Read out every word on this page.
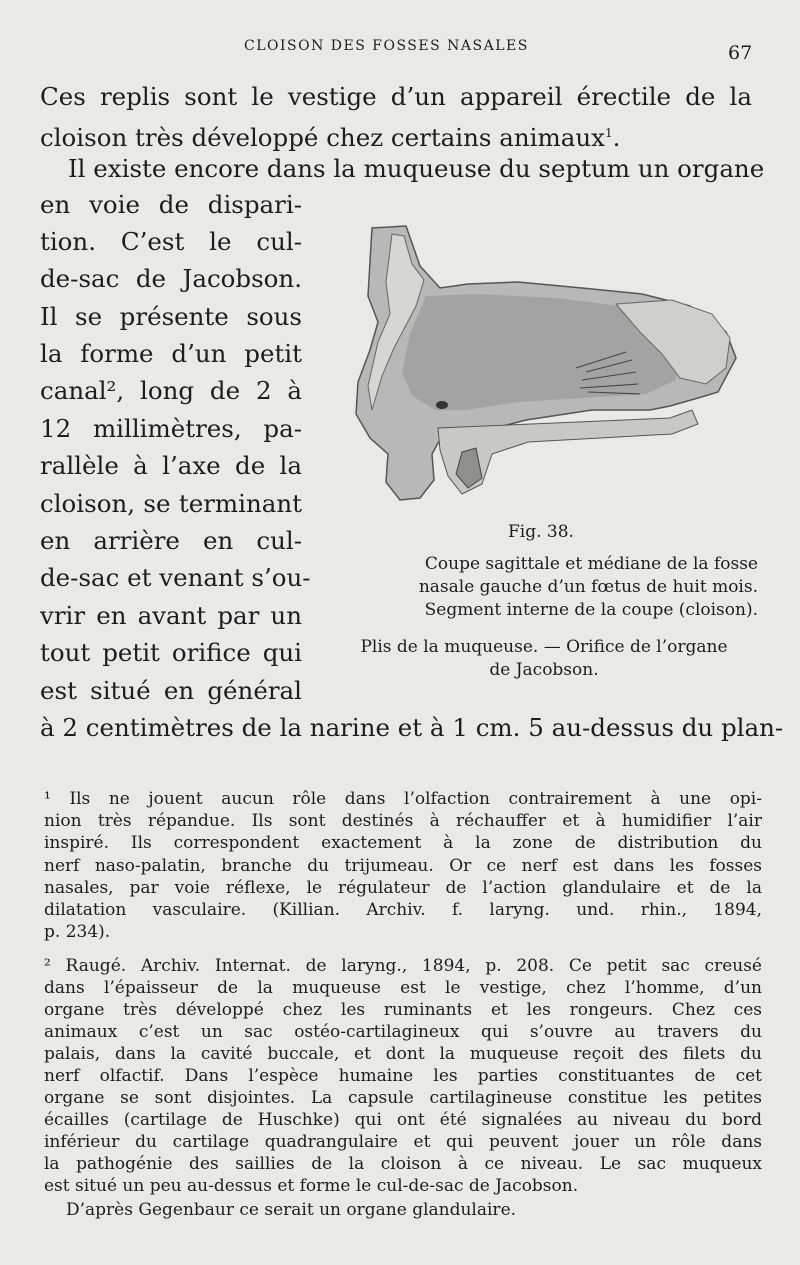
CLOISON DES FOSSES NASALES	67
Ces replis sont le vestige d’un appareil érectile de la
cloison très développé chez certains animaux$^1$.
Il existe encore dans la muqueuse du septum un organe
en voie de dispari-
tion. C’est le cul-
de-sac de Jacobson.
Il se présente sous
la forme d’un petit
canal², long de 2 à
12 millimètres, pa-
rallèle à l’axe de la
cloison, se terminant
en arrière en cul-
de-sac et venant s’ou-
vrir en avant par un
tout petit orifice qui
est situé en général
à 2 centimètres de la narine et à 1 cm. 5 au-dessus du plan-
Fig. 38.
Coupe sagittale et médiane de la fosse
nasale gauche d’un fœtus de huit mois.
Segment interne de la coupe (cloison).
Plis de la muqueuse. — Orifice de l’organe
de Jacobson.
¹ Ils ne jouent aucun rôle dans l’olfaction contrairement à une opi-
nion très répandue. Ils sont destinés à réchauffer et à humidifier l’air
inspiré. Ils correspondent exactement à la zone de distribution du
nerf naso-palatin, branche du trijumeau. Or ce nerf est dans les fosses
nasales, par voie réflexe, le régulateur de l’action glandulaire et de la
dilatation vasculaire. (Killian. Archiv. f. laryng. und. rhin., 1894,
p. 234).
² Raugé. Archiv. Internat. de laryng., 1894, p. 208. Ce petit sac creusé
dans l’épaisseur de la muqueuse est le vestige, chez l’homme, d’un
organe très développé chez les ruminants et les rongeurs. Chez ces
animaux c’est un sac ostéo-cartilagineux qui s’ouvre au travers du
palais, dans la cavité buccale, et dont la muqueuse reçoit des filets du
nerf olfactif. Dans l’espèce humaine les parties constituantes de cet
organe se sont disjointes. La capsule cartilagineuse constitue les petites
écailles (cartilage de Huschke) qui ont été signalées au niveau du bord
inférieur du cartilage quadrangulaire et qui peuvent jouer un rôle dans
la pathogénie des saillies de la cloison à ce niveau. Le sac muqueux
est situé un peu au-dessus et forme le cul-de-sac de Jacobson.
D’après Gegenbaur ce serait un organe glandulaire.
